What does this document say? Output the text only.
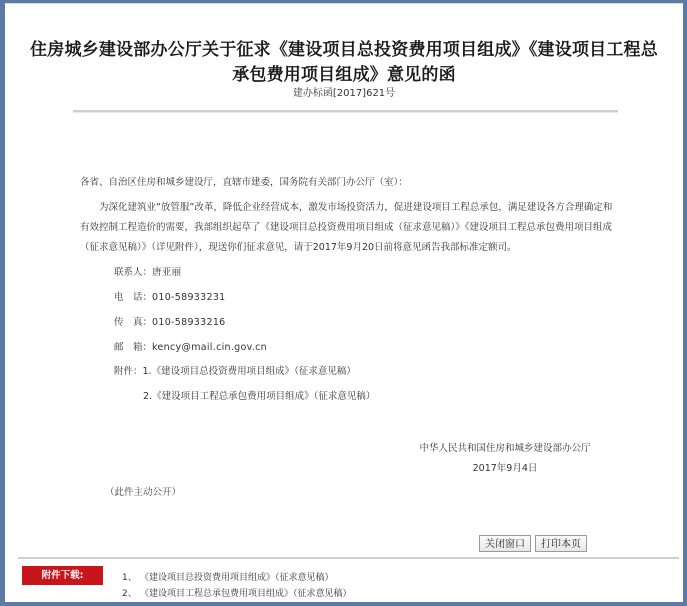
住房城乡建设部办公厅关于征求《建设项目总投资费用项目组成》《建设项目工程总
承包费用项目组成》意见的函
建办标函[2017]621号
各省、自治区住房和城乡建设厅，直辖市建委，国务院有关部门办公厅（室）：
为深化建筑业“放管服”改革，降低企业经营成本，激发市场投资活力，促进建设项目工程总承包，满足建设各方合理确定和有效控制工程造价的需要，我部组织起草了《建设项目总投资费用项目组成（征求意见稿）》《建设项目工程总承包费用项目组成（征求意见稿）》（详见附件），现送你们征求意见，请于2017年9月20日前将意见函告我部标准定额司。
联系人：唐亚丽
电　话：010-58933231
传　真：010-58933216
邮　箱：kency@mail.cin.gov.cn
附件：1.《建设项目总投资费用项目组成》（征求意见稿）
2.《建设项目工程总承包费用项目组成》（征求意见稿）
中华人民共和国住房和城乡建设部办公厅
2017年9月4日
（此件主动公开）
关闭窗口	打印本页
附件下载:	1、 《建设项目总投资费用项目组成》（征求意见稿）
2、 《建设项目工程总承包费用项目组成》（征求意见稿）
